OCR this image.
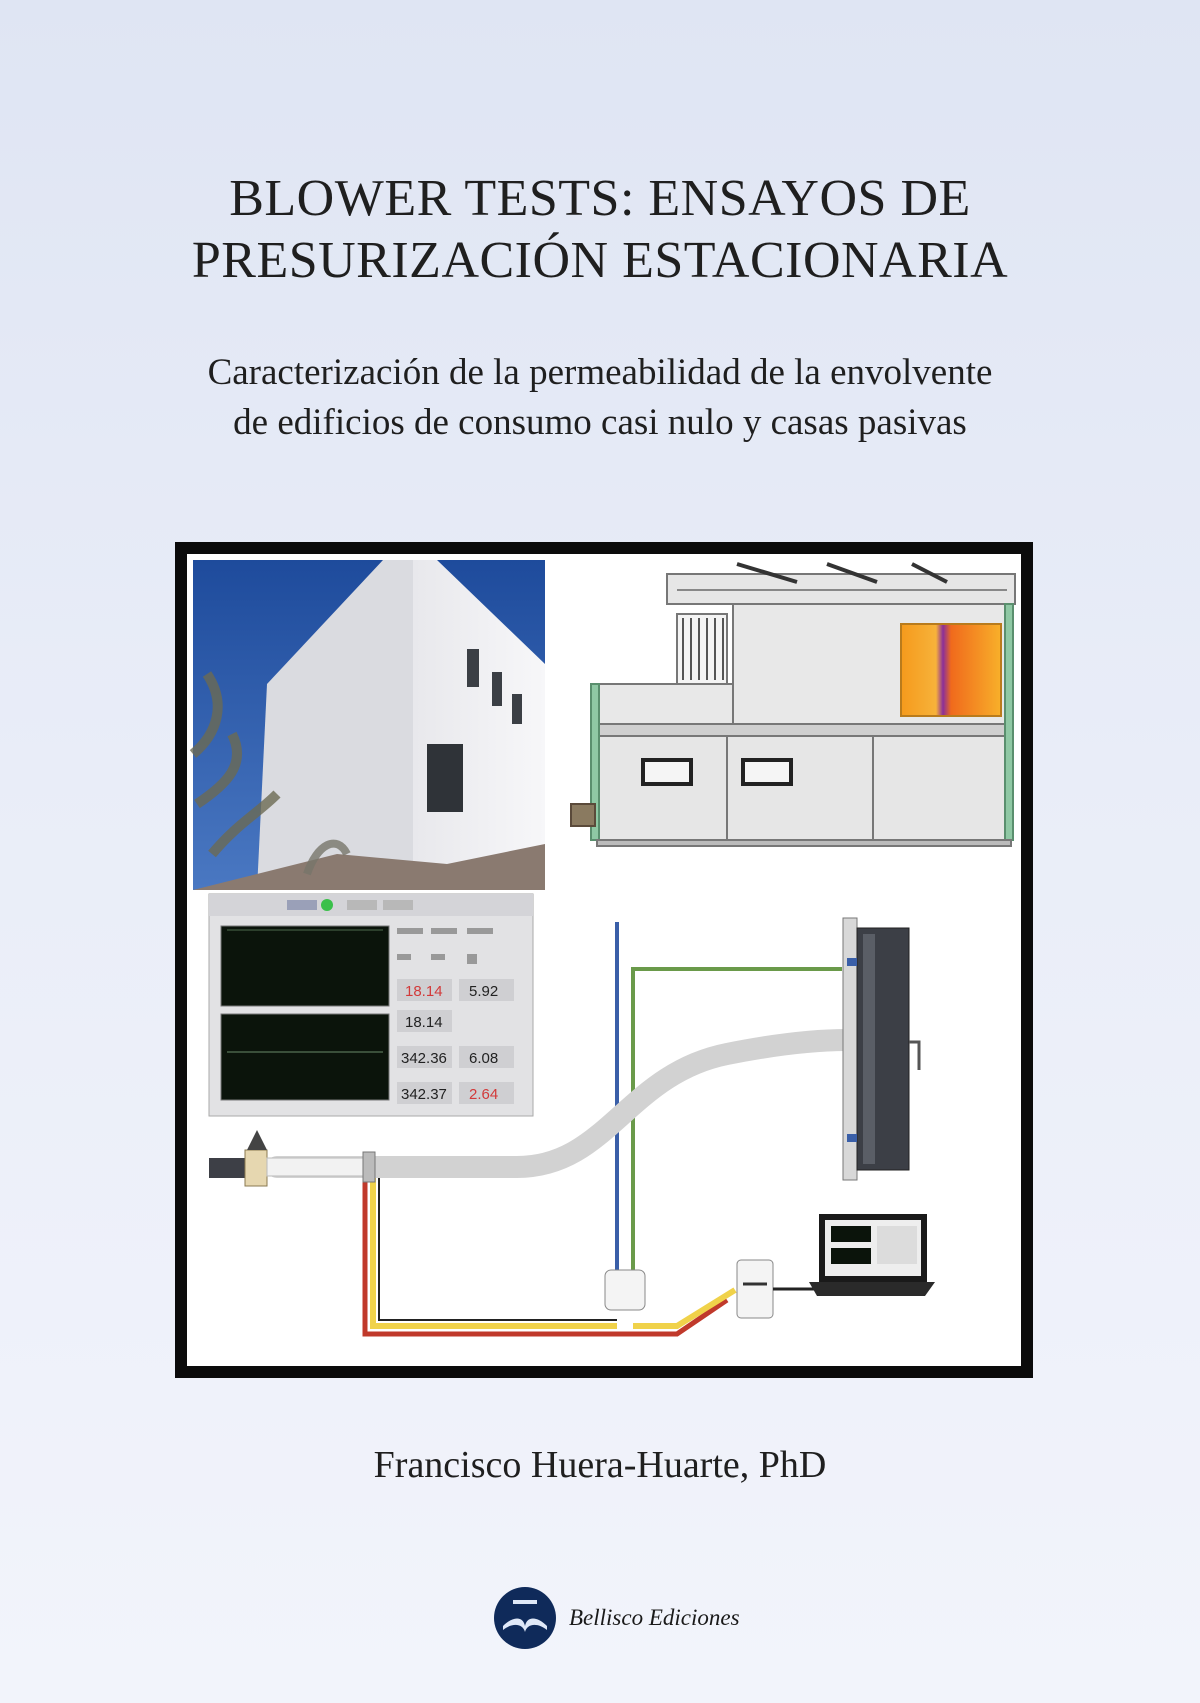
BLOWER TESTS: ENSAYOS DE
PRESURIZACIÓN ESTACIONARIA
Caracterización de la permeabilidad de la envolvente
de edificios de consumo casi nulo y casas pasivas
18.14 5.92
18.14
342.36 6.08
342.37 2.64
Francisco Huera-Huarte, PhD
Bellisco Ediciones
